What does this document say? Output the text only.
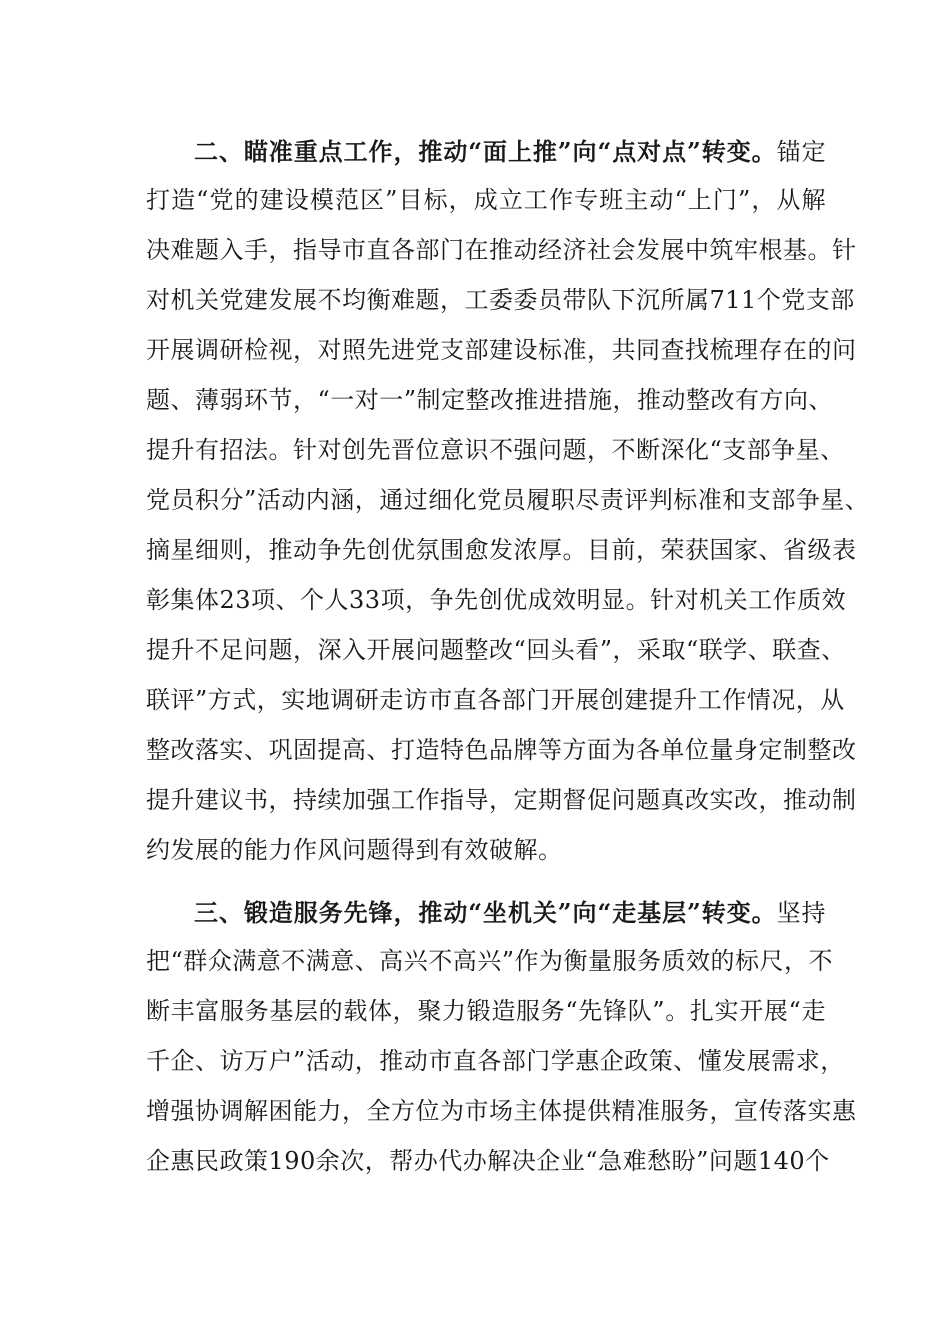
二、瞄准重点工作，推动“面上推”向“点对点”转变。锚定
打造“党的建设模范区”目标，成立工作专班主动“上门”，从解
决难题入手，指导市直各部门在推动经济社会发展中筑牢根基。针
对机关党建发展不均衡难题，工委委员带队下沉所属711个党支部
开展调研检视，对照先进党支部建设标准，共同查找梳理存在的问
题、薄弱环节，“一对一”制定整改推进措施，推动整改有方向、
提升有招法。针对创先晋位意识不强问题，不断深化“支部争星、
党员积分”活动内涵，通过细化党员履职尽责评判标准和支部争星、
摘星细则，推动争先创优氛围愈发浓厚。目前，荣获国家、省级表
彰集体23项、个人33项，争先创优成效明显。针对机关工作质效
提升不足问题，深入开展问题整改“回头看”，采取“联学、联查、
联评”方式，实地调研走访市直各部门开展创建提升工作情况，从
整改落实、巩固提高、打造特色品牌等方面为各单位量身定制整改
提升建议书，持续加强工作指导，定期督促问题真改实改，推动制
约发展的能力作风问题得到有效破解。
三、锻造服务先锋，推动“坐机关”向“走基层”转变。坚持
把“群众满意不满意、高兴不高兴”作为衡量服务质效的标尺，不
断丰富服务基层的载体，聚力锻造服务“先锋队”。扎实开展“走
千企、访万户”活动，推动市直各部门学惠企政策、懂发展需求，
增强协调解困能力，全方位为市场主体提供精准服务，宣传落实惠
企惠民政策190余次，帮办代办解决企业“急难愁盼”问题140个
